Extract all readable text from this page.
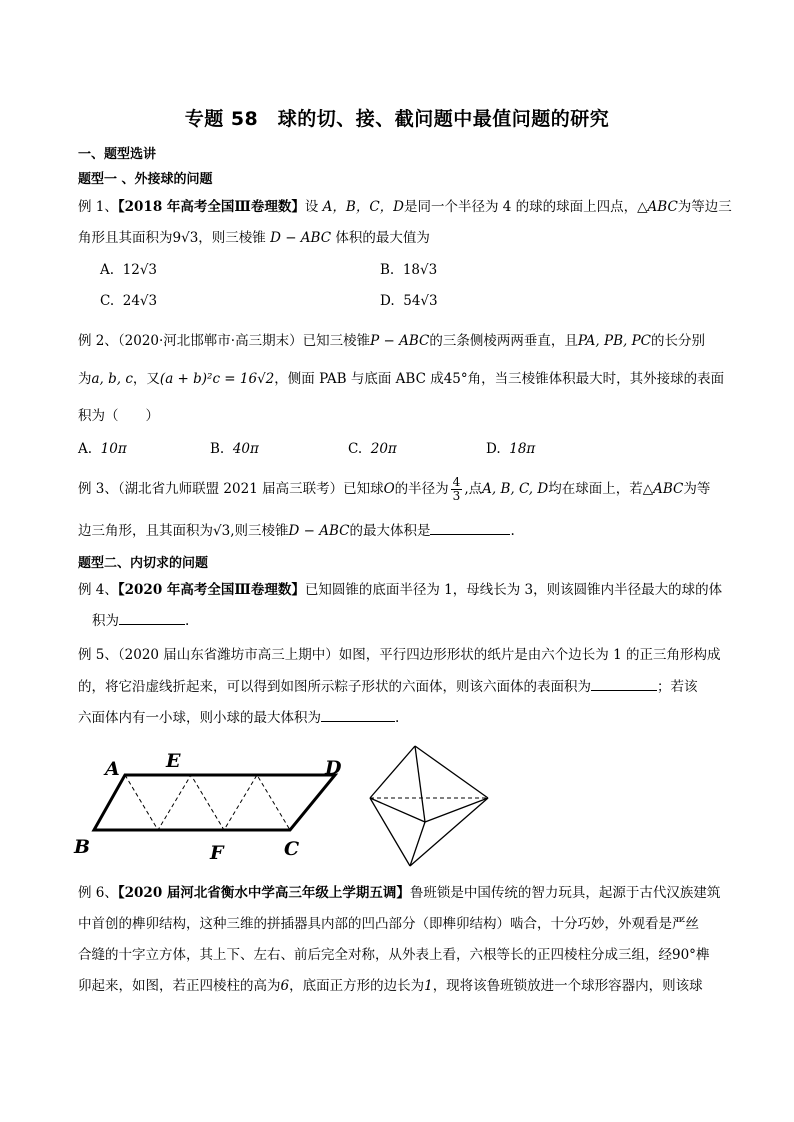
专题 58　球的切、接、截问题中最值问题的研究
一、题型选讲
题型一 、外接球的问题
例 1、【2018 年高考全国Ⅲ卷理数】设 A，B，C，D是同一个半径为 4 的球的球面上四点，△ABC为等边三
角形且其面积为9√3，则三棱锥 D − ABC 体积的最大值为
A. 12√3	B. 18√3
C. 24√3	D. 54√3
例 2、（2020·河北邯郸市·高三期末）已知三棱锥P − ABC的三条侧棱两两垂直，且PA, PB, PC的长分别
为a, b, c，又(a + b)²c = 16√2，侧面 PAB 与底面 ABC 成45°角，当三棱锥体积最大时，其外接球的表面
积为（　　）
A. 10π	B. 40π	C. 20π	D. 18π
例 3、（湖北省九师联盟 2021 届高三联考）已知球O的半径为 $\frac{4}{3}$ ,点A, B, C, D均在球面上，若△ABC为等
边三角形，且其面积为√3,则三棱锥D − ABC的最大体积是	.
题型二、内切求的问题
例 4、【2020 年高考全国Ⅲ卷理数】已知圆锥的底面半径为 1，母线长为 3，则该圆锥内半径最大的球的体
积为	.
例 5、（2020 届山东省潍坊市高三上期中）如图，平行四边形形状的纸片是由六个边长为 1 的正三角形构成
的，将它沿虚线折起来，可以得到如图所示粽子形状的六面体，则该六面体的表面积为	；若该
六面体内有一小球，则小球的最大体积为	.
A E	D
B	F	C
例 6、【2020 届河北省衡水中学高三年级上学期五调】鲁班锁是中国传统的智力玩具，起源于古代汉族建筑
中首创的榫卯结构，这种三维的拼插器具内部的凹凸部分（即榫卯结构）啮合，十分巧妙，外观看是严丝
合缝的十字立方体，其上下、左右、前后完全对称，从外表上看，六根等长的正四棱柱分成三组，经90°榫
卯起来，如图，若正四棱柱的高为6，底面正方形的边长为1，现将该鲁班锁放进一个球形容器内，则该球
